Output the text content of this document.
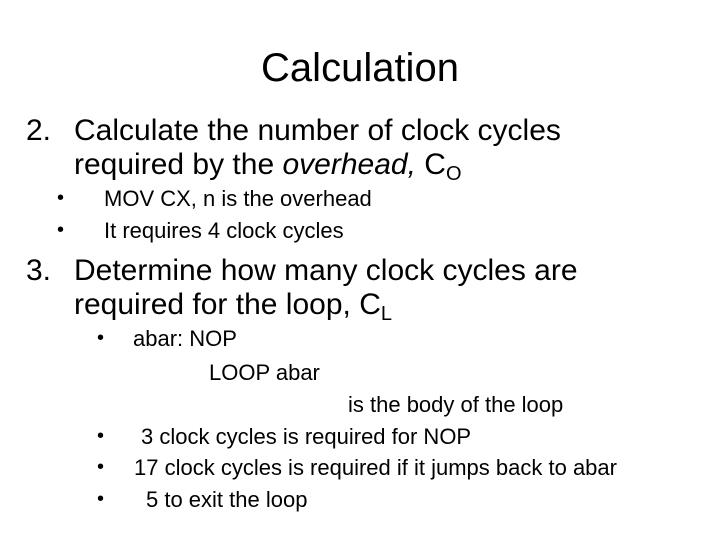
Calculation
2. Calculate the number of clock cycles
required by the overhead, $C_O$
• MOV CX, n is the overhead
• It requires 4 clock cycles
3. Determine how many clock cycles are
required for the loop, $C_L$
• abar: NOP
LOOP abar
is the body of the loop
• 3 clock cycles is required for NOP
• 17 clock cycles is required if it jumps back to abar
• 5 to exit the loop
